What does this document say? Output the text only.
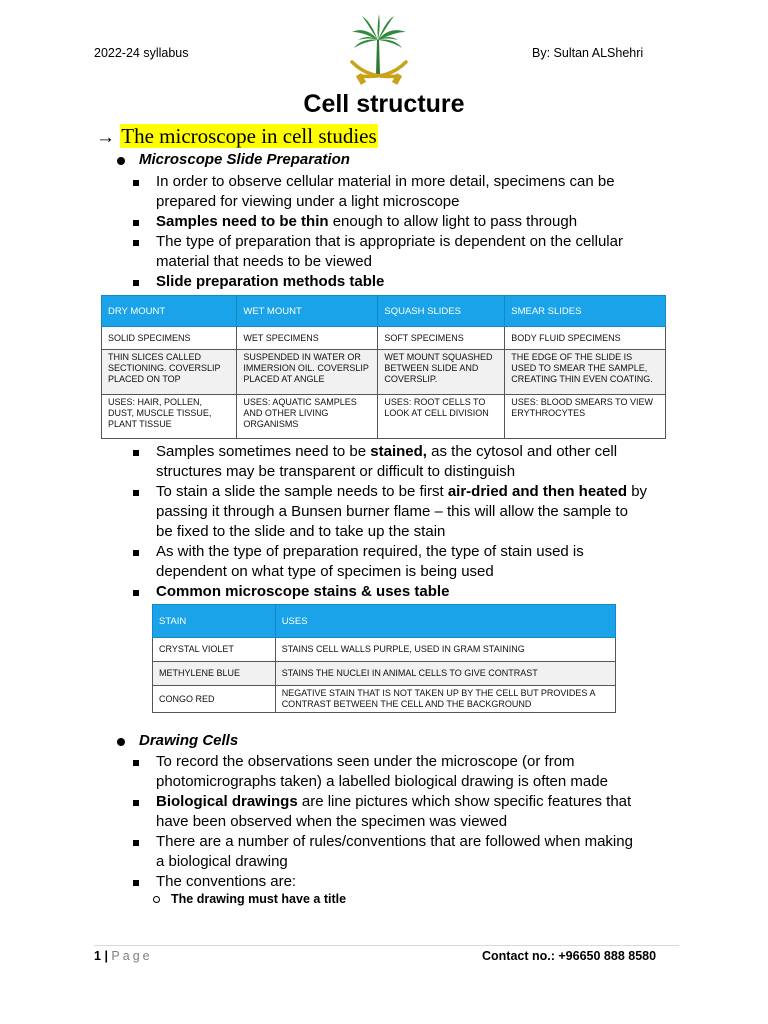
2022-24 syllabus	By: Sultan ALShehri
Cell structure
→ The microscope in cell studies
Microscope Slide Preparation
In order to observe cellular material in more detail, specimens can be
prepared for viewing under a light microscope
Samples need to be thin enough to allow light to pass through
The type of preparation that is appropriate is dependent on the cellular
material that needs to be viewed
Slide preparation methods table
DRY MOUNT	WET MOUNT	SQUASH SLIDES	SMEAR SLIDES
SOLID SPECIMENS	WET SPECIMENS	SOFT SPECIMENS	BODY FLUID SPECIMENS
THIN SLICES CALLED SECTIONING. COVERSLIP PLACED ON TOP	SUSPENDED IN WATER OR IMMERSION OIL. COVERSLIP PLACED AT ANGLE	WET MOUNT SQUASHED BETWEEN SLIDE AND COVERSLIP.	THE EDGE OF THE SLIDE IS USED TO SMEAR THE SAMPLE, CREATING THIN EVEN COATING.
USES: HAIR, POLLEN, DUST, MUSCLE TISSUE, PLANT TISSUE	USES: AQUATIC SAMPLES AND OTHER LIVING ORGANISMS	USES: ROOT CELLS TO LOOK AT CELL DIVISION	USES: BLOOD SMEARS TO VIEW ERYTHROCYTES
Samples sometimes need to be stained, as the cytosol and other cell
structures may be transparent or difficult to distinguish
To stain a slide the sample needs to be first air-dried and then heated by
passing it through a Bunsen burner flame – this will allow the sample to
be fixed to the slide and to take up the stain
As with the type of preparation required, the type of stain used is
dependent on what type of specimen is being used
Common microscope stains & uses table
STAIN	USES
CRYSTAL VIOLET	STAINS CELL WALLS PURPLE, USED IN GRAM STAINING
METHYLENE BLUE	STAINS THE NUCLEI IN ANIMAL CELLS TO GIVE CONTRAST
CONGO RED	NEGATIVE STAIN THAT IS NOT TAKEN UP BY THE CELL BUT PROVIDES A CONTRAST BETWEEN THE CELL AND THE BACKGROUND
Drawing Cells
To record the observations seen under the microscope (or from
photomicrographs taken) a labelled biological drawing is often made
Biological drawings are line pictures which show specific features that
have been observed when the specimen was viewed
There are a number of rules/conventions that are followed when making
a biological drawing
The conventions are:
The drawing must have a title
1 | Page	Contact no.: +96650 888 8580
